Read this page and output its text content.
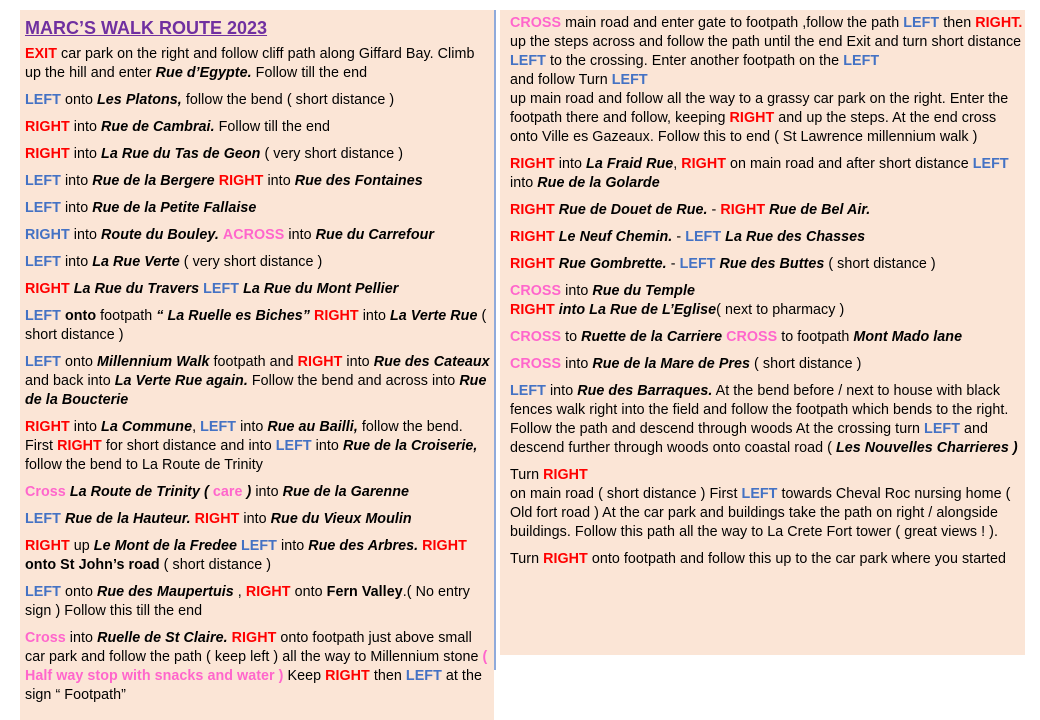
MARC’S WALK ROUTE 2023
EXIT car park on the right and follow cliff path along Giffard Bay. Climb up the hill and enter Rue d’Egypte. Follow till the end
LEFT onto Les Platons, follow the bend ( short distance )
RIGHT into Rue de Cambrai. Follow till the end
RIGHT into La Rue du Tas de Geon ( very short distance )
LEFT into Rue de la Bergere RIGHT into Rue des Fontaines
LEFT into Rue de la Petite Fallaise
RIGHT into Route du Bouley. ACROSS into Rue du Carrefour
LEFT into La Rue Verte ( very short distance )
RIGHT La Rue du Travers LEFT La Rue du Mont Pellier
LEFT onto footpath “ La Ruelle es Biches” RIGHT into La Verte Rue ( short distance )
LEFT onto Millennium Walk footpath and RIGHT into Rue des Cateaux and back into La Verte Rue again. Follow the bend and across into Rue de la Boucterie
RIGHT into La Commune, LEFT into Rue au Bailli, follow the bend. First RIGHT for short distance and into LEFT into Rue de la Croiserie, follow the bend to La Route de Trinity
Cross La Route de Trinity ( care ) into Rue de la Garenne
LEFT Rue de la Hauteur. RIGHT into Rue du Vieux Moulin
RIGHT up Le Mont de la Fredee LEFT into Rue des Arbres. RIGHT onto St John’s road ( short distance )
LEFT onto Rue des Maupertuis , RIGHT onto Fern Valley.( No entry sign ) Follow this till the end
Cross into Ruelle de St Claire. RIGHT onto footpath just above small car park and follow the path ( keep left ) all the way to Millennium stone ( Half way stop with snacks and water ) Keep RIGHT then LEFT at the sign “ Footpath”
CROSS main road and enter gate to footpath ,follow the path LEFT then RIGHT.
up the steps across and follow the path until the end Exit and turn short distance LEFT to the crossing. Enter another footpath on the LEFT
and follow Turn LEFT
up main road and follow all the way to a grassy car park on the right. Enter the footpath there and follow, keeping RIGHT and up the steps. At the end cross onto Ville es Gazeaux. Follow this to end ( St Lawrence millennium walk )
RIGHT into La Fraid Rue, RIGHT on main road and after short distance LEFT into Rue de la Golarde
RIGHT Rue de Douet de Rue. - RIGHT Rue de Bel Air.
RIGHT Le Neuf Chemin. - LEFT La Rue des Chasses
RIGHT Rue Gombrette. - LEFT Rue des Buttes ( short distance )
CROSS into Rue du Temple
RIGHT into La Rue de L’Eglise( next to pharmacy )
CROSS to Ruette de la Carriere CROSS to footpath Mont Mado lane
CROSS into Rue de la Mare de Pres ( short distance )
LEFT into Rue des Barraques. At the bend before / next to house with black fences walk right into the field and follow the footpath which bends to the right. Follow the path and descend through woods At the crossing turn LEFT and descend further through woods onto coastal road ( Les Nouvelles Charrieres )
Turn RIGHT
on main road ( short distance ) First LEFT towards Cheval Roc nursing home ( Old fort road ) At the car park and buildings take the path on right / alongside buildings. Follow this path all the way to La Crete Fort tower ( great views ! ).
Turn RIGHT onto footpath and follow this up to the car park where you started
